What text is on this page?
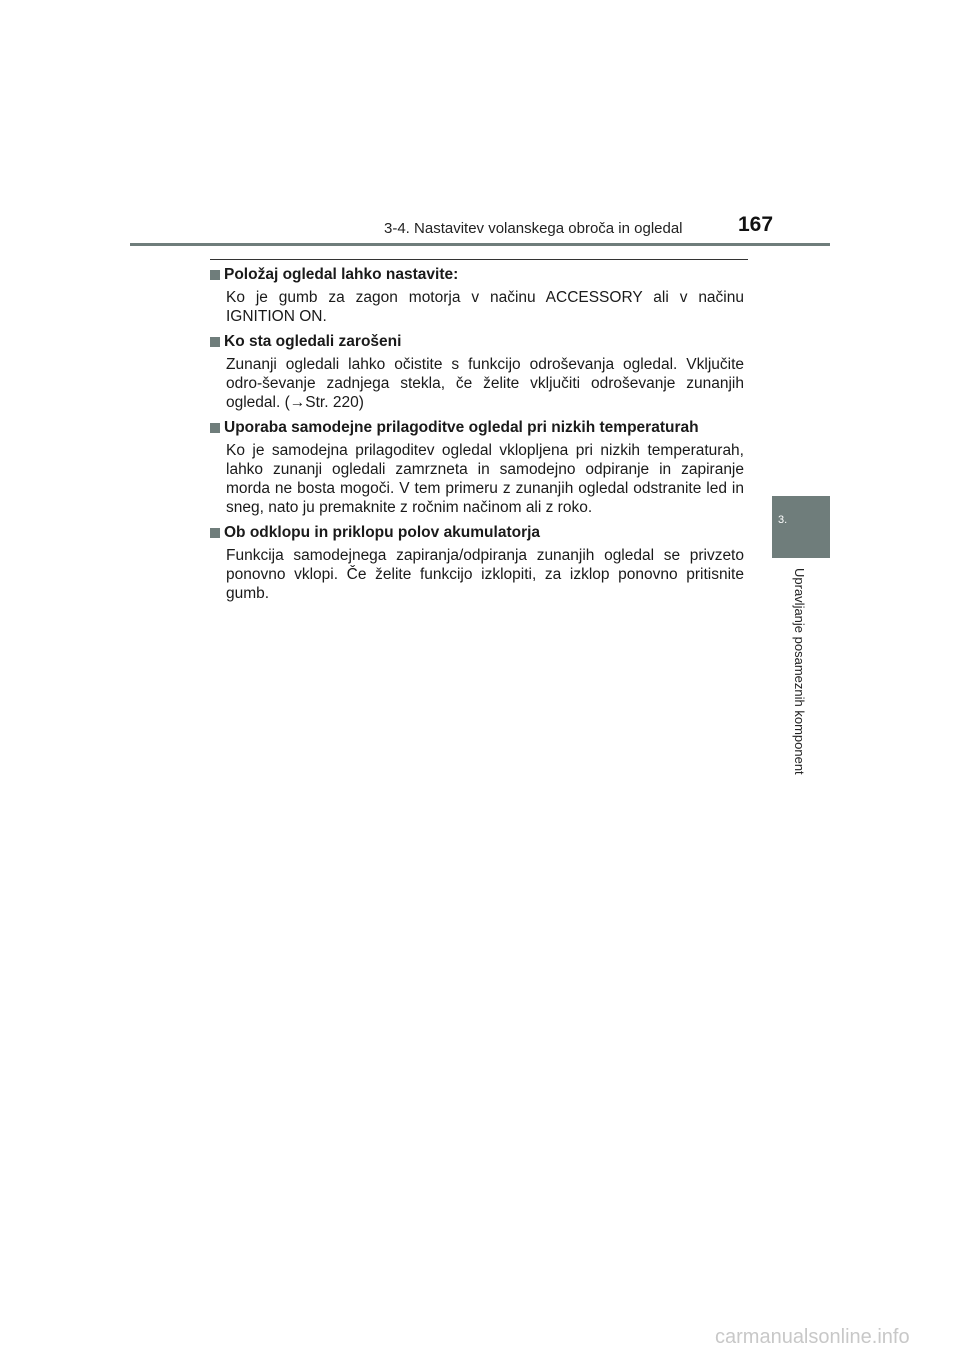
3-4. Nastavitev volanskega obroča in ogledal	167
Položaj ogledal lahko nastavite:
Ko je gumb za zagon motorja v načinu ACCESSORY ali v načinu IGNITION ON.
Ko sta ogledali zarošeni
Zunanji ogledali lahko očistite s funkcijo odroševanja ogledal. Vključite odro-ševanje zadnjega stekla, če želite vključiti odroševanje zunanjih ogledal. (→Str. 220)
Uporaba samodejne prilagoditve ogledal pri nizkih temperaturah
Ko je samodejna prilagoditev ogledal vklopljena pri nizkih temperaturah, lahko zunanji ogledali zamrzneta in samodejno odpiranje in zapiranje morda ne bosta mogoči. V tem primeru z zunanjih ogledal odstranite led in sneg, nato ju premaknite z ročnim načinom ali z roko.
Ob odklopu in priklopu polov akumulatorja
Funkcija samodejnega zapiranja/odpiranja zunanjih ogledal se privzeto ponovno vklopi. Če želite funkcijo izklopiti, za izklop ponovno pritisnite gumb.
3.
Upravljanje posameznih komponent
carmanualsonline.info
